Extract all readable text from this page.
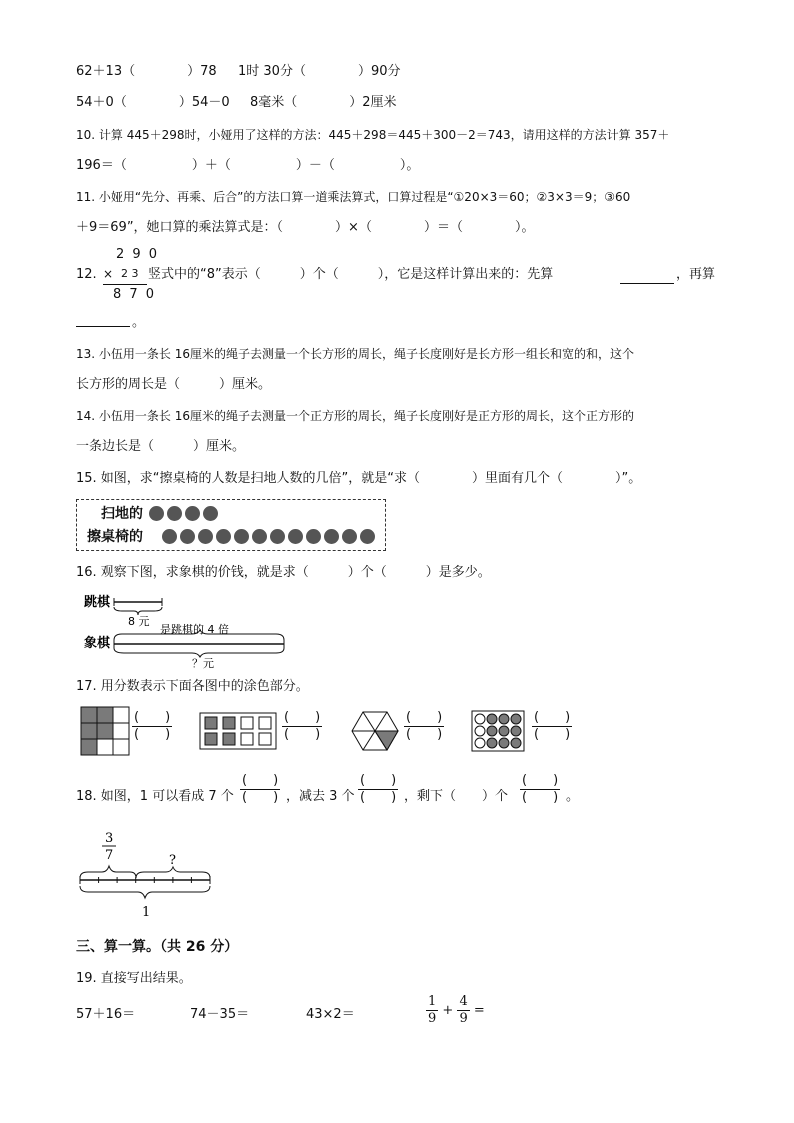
62＋13（　　　　）78 1时 30分（　　　　）90分
54＋0（　　　　）54－0 8毫米（　　　　）2厘米
10. 计算 445＋298时，小娅用了这样的方法：445＋298＝445＋300－2＝743，请用这样的方法计算 357＋
196＝（　　　　　）＋（　　　　　）－（　　　　　）。
11. 小娅用“先分、再乘、后合”的方法口算一道乘法算式，口算过程是“①20×3＝60；②3×3＝9；③60
＋9＝69”，她口算的乘法算式是：（　　　　）×（　　　　）＝（　　　　）。
12.
2 9 0
× 2 3
8 7 0
竖式中的“8”表示（　　　）个（　　　），它是这样计算出来的：先算	，再算
。
13. 小伍用一条长 16厘米的绳子去测量一个长方形的周长，绳子长度刚好是长方形一组长和宽的和，这个
长方形的周长是（　　　）厘米。
14. 小伍用一条长 16厘米的绳子去测量一个正方形的周长，绳子长度刚好是正方形的周长，这个正方形的
一条边长是（　　　）厘米。
15. 如图，求“擦桌椅的人数是扫地人数的几倍”，就是“求（　　　　）里面有几个（　　　　）”。
扫地的
擦桌椅的
16. 观察下图，求象棋的价钱，就是求（　　　）个（　　　）是多少。
跳棋
8 元
象棋
是跳棋的 4 倍
？元
17. 用分数表示下面各图中的涂色部分。
(　　)
(　　)
(　　)
(　　)
(　　)
(　　)
(　　)
(　　)
18. 如图，1 可以看成 7 个
(　　)
(　　) ，减去 3 个
(　　)
(　　) ，剩下（　　）个
(　　)
(　　) 。
3
7	?
1
三、算一算。（共 26 分）
19. 直接写出结果。
57＋16＝	74－35＝	43×2＝	$\frac{1}{9} + \frac{4}{9}$ =
